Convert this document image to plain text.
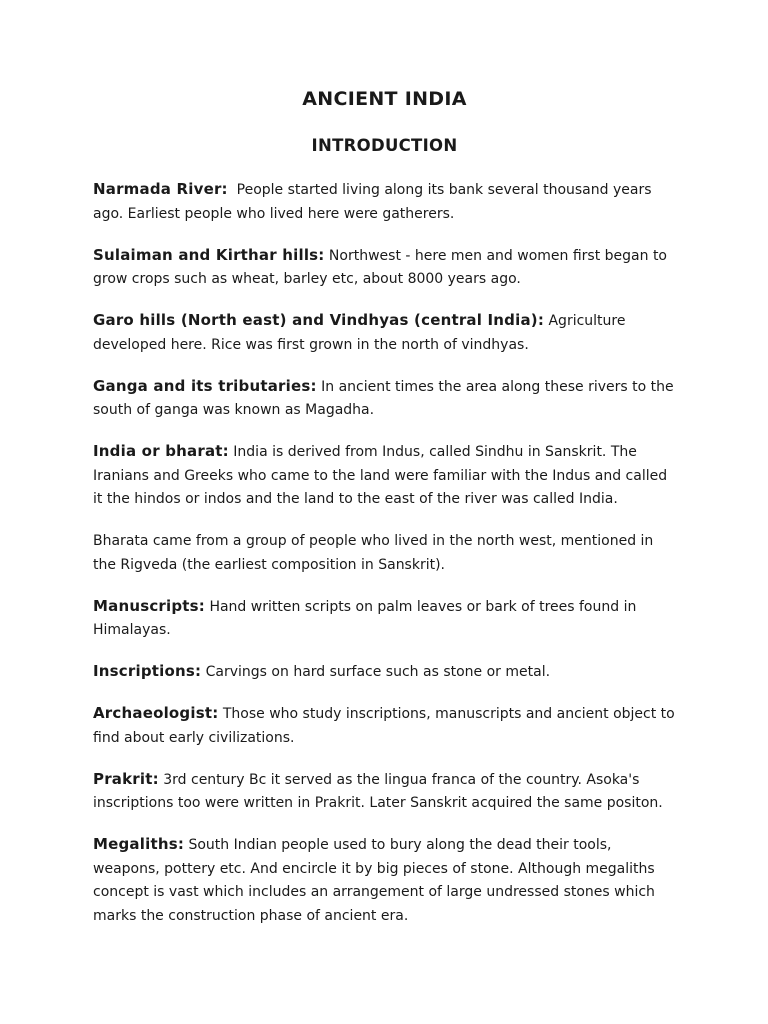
ANCIENT INDIA
INTRODUCTION

Narmada River:  People started living along its bank several thousand years ago. Earliest people who lived here were gatherers.

Sulaiman and Kirthar hills: Northwest - here men and women first began to grow crops such as wheat, barley etc, about 8000 years ago.

Garo hills (North east) and Vindhyas (central India): Agriculture developed here. Rice was first grown in the north of vindhyas.

Ganga and its tributaries: In ancient times the area along these rivers to the south of ganga was known as Magadha.

India or bharat: India is derived from Indus, called Sindhu in Sanskrit. The Iranians and Greeks who came to the land were familiar with the Indus and called it the hindos or indos and the land to the east of the river was called India.

Bharata came from a group of people who lived in the north west, mentioned in the Rigveda (the earliest composition in Sanskrit).

Manuscripts: Hand written scripts on palm leaves or bark of trees found in Himalayas.

Inscriptions: Carvings on hard surface such as stone or metal.

Archaeologist: Those who study inscriptions, manuscripts and ancient object to find about early civilizations.

Prakrit: 3rd century Bc it served as the lingua franca of the country. Asoka's inscriptions too were written in Prakrit. Later Sanskrit acquired the same positon.

Megaliths: South Indian people used to bury along the dead their tools, weapons, pottery etc. And encircle it by big pieces of stone. Although megaliths concept is vast which includes an arrangement of large undressed stones which marks the construction phase of ancient era.
